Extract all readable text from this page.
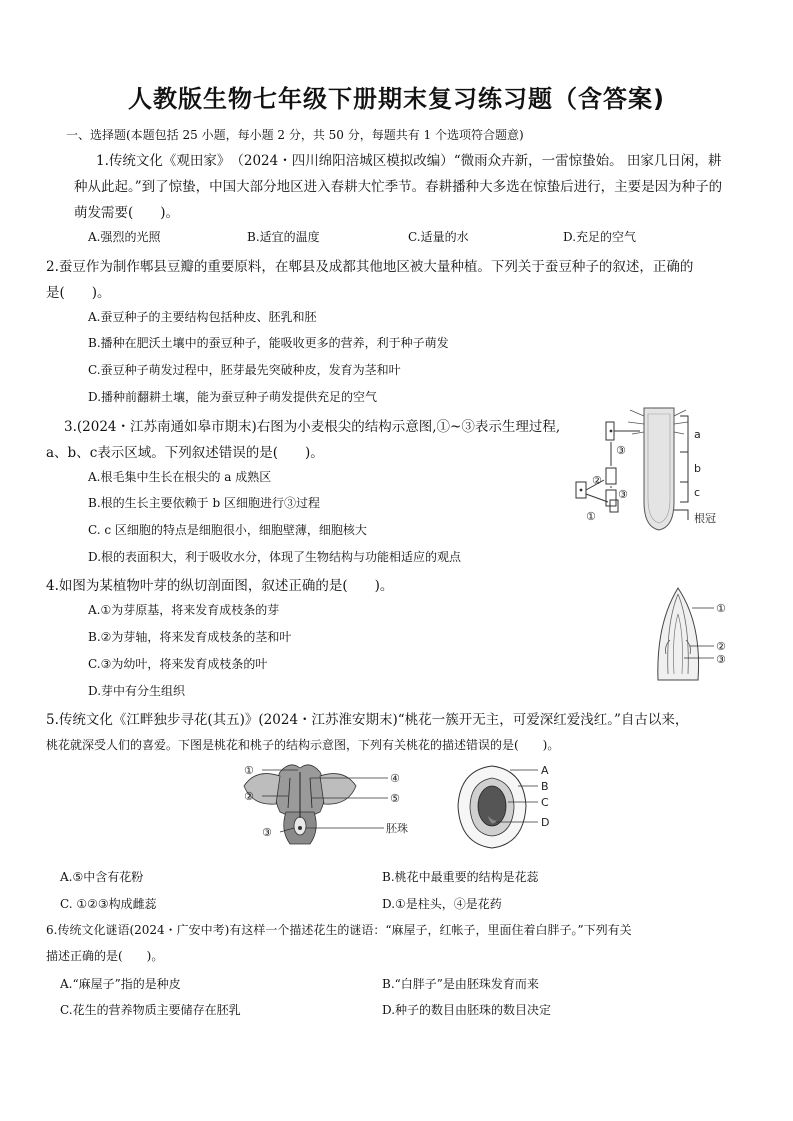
人教版生物七年级下册期末复习练习题（含答案)
一、选择题(本题包括 25 小题，每小题 2 分，共 50 分，每题共有 1 个选项符合题意)
1.传统文化《观田家》　（2024・四川绵阳涪城区模拟改编）“微雨众卉新，一雷惊蛰始。 田家几日闲，耕
种从此起。”到了惊蛰，中国大部分地区进入春耕大忙季节。春耕播种大多选在惊蛰后进行，主要是因为种子的
萌发需要(　　)。
A.强烈的光照	B.适宜的温度	C.适量的水	D.充足的空气
2.蚕豆作为制作郫县豆瓣的重要原料，在郫县及成都其他地区被大量种植。下列关于蚕豆种子的叙述，正确的
是(　　)。
A.蚕豆种子的主要结构包括种皮、胚乳和胚
B.播种在肥沃土壤中的蚕豆种子，能吸收更多的营养，利于种子萌发
C.蚕豆种子萌发过程中，胚芽最先突破种皮，发育为茎和叶
D.播种前翻耕土壤，能为蚕豆种子萌发提供充足的空气
3.(2024・江苏南通如皋市期末)右图为小麦根尖的结构示意图,①~③表示生理过程,
a、b、c表示区域。下列叙述错误的是(　　)。
A.根毛集中生长在根尖的 a 成熟区
B.根的生长主要依赖于 b 区细胞进行③过程
C. c 区细胞的特点是细胞很小，细胞壁薄，细胞核大
D.根的表面积大，利于吸收水分，体现了生物结构与功能相适应的观点
a
b
c
根冠
③
②
③
①
4.如图为某植物叶芽的纵切剖面图，叙述正确的是(　　)。
A.①为芽原基，将来发育成枝条的芽
B.②为芽轴，将来发育成枝条的茎和叶
C.③为幼叶，将来发育成枝条的叶
D.芽中有分生组织
①
②
③
5.传统文化《江畔独步寻花(其五)》(2024・江苏淮安期末)“桃花一簇开无主，可爱深红爱浅红。”自古以来，
桃花就深受人们的喜爱。下图是桃花和桃子的结构示意图，下列有关桃花的描述错误的是(　　)。
①
②
③
④
⑤
胚珠
A
B
C
D
A.⑤中含有花粉	B.桃花中最重要的结构是花蕊
C. ①②③构成雌蕊	D.①是柱头，④是花药
6.传统文化谜语(2024・广安中考)有这样一个描述花生的谜语：“麻屋子，红帐子，里面住着白胖子。”下列有关
描述正确的是(　　)。
A.“麻屋子”指的是种皮	B.“白胖子”是由胚珠发育而来
C.花生的营养物质主要储存在胚乳	D.种子的数目由胚珠的数目决定
